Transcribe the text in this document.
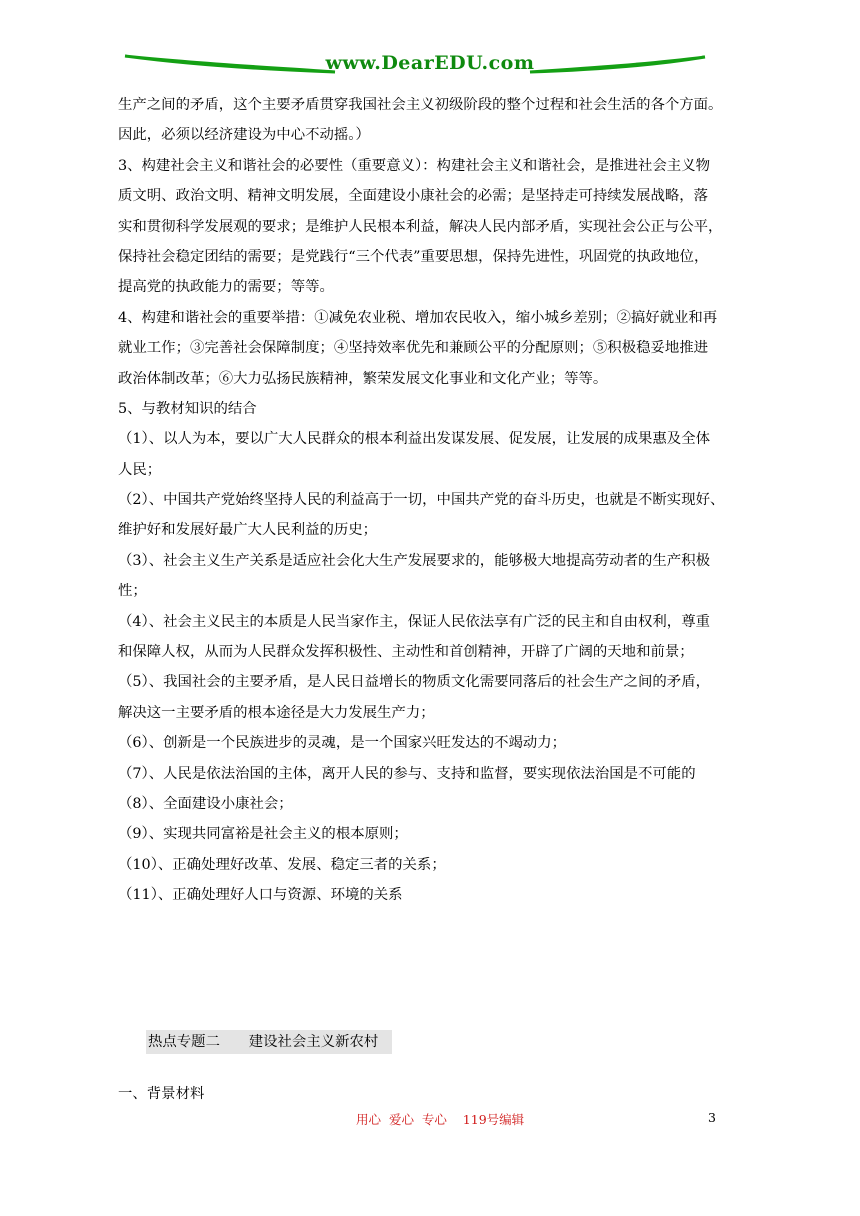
www.DearEDU.com
生产之间的矛盾，这个主要矛盾贯穿我国社会主义初级阶段的整个过程和社会生活的各个方面。
因此，必须以经济建设为中心不动摇。）
3、构建社会主义和谐社会的必要性（重要意义）：构建社会主义和谐社会，是推进社会主义物
质文明、政治文明、精神文明发展，全面建设小康社会的必需；是坚持走可持续发展战略，落
实和贯彻科学发展观的要求；是维护人民根本利益，解决人民内部矛盾，实现社会公正与公平，
保持社会稳定团结的需要；是党践行“三个代表”重要思想，保持先进性，巩固党的执政地位，
提高党的执政能力的需要；等等。
4、构建和谐社会的重要举措：①减免农业税、增加农民收入，缩小城乡差别；②搞好就业和再
就业工作；③完善社会保障制度；④坚持效率优先和兼顾公平的分配原则；⑤积极稳妥地推进
政治体制改革；⑥大力弘扬民族精神，繁荣发展文化事业和文化产业；等等。
5、与教材知识的结合
（1）、以人为本，要以广大人民群众的根本利益出发谋发展、促发展，让发展的成果惠及全体
人民；
（2）、中国共产党始终坚持人民的利益高于一切，中国共产党的奋斗历史，也就是不断实现好、
维护好和发展好最广大人民利益的历史；
（3）、社会主义生产关系是适应社会化大生产发展要求的，能够极大地提高劳动者的生产积极
性；
（4）、社会主义民主的本质是人民当家作主，保证人民依法享有广泛的民主和自由权利，尊重
和保障人权，从而为人民群众发挥积极性、主动性和首创精神，开辟了广阔的天地和前景；
（5）、我国社会的主要矛盾，是人民日益增长的物质文化需要同落后的社会生产之间的矛盾，
解决这一主要矛盾的根本途径是大力发展生产力；
（6）、创新是一个民族进步的灵魂，是一个国家兴旺发达的不竭动力；
（7）、人民是依法治国的主体，离开人民的参与、支持和监督，要实现依法治国是不可能的
（8）、全面建设小康社会；
（9）、实现共同富裕是社会主义的根本原则；
（10）、正确处理好改革、发展、稳定三者的关系；
（11）、正确处理好人口与资源、环境的关系
热点专题二　　建设社会主义新农村
一、背景材料
用心  爱心  专心    119号编辑	3
